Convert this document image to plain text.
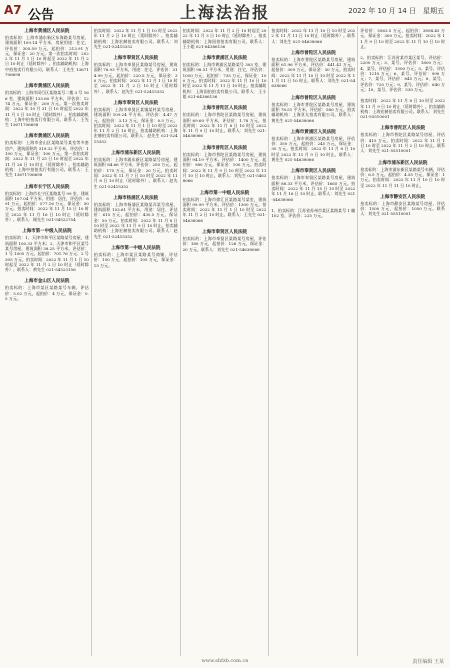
A7 公告	上海法治报	2022 年 10 月 14 日　星期五
上海市黄浦区人民法院
拍卖标的：上海市浦东新区东海路某号房屋，建筑面积 109.14 平方米，房屋用途：住宅，评估价：305.59 万元，起拍价：213.91 万元，保证金：20 万元。第一次拍卖时间：2022 年 11 月 1 日 10 时起至 2022 年 11 月 2 日 10 时止（延时除外）。拍卖辅助机构：上海中拍拍卖行有限公司。联系人：王先生 13671706698
上海市黄浦区人民法院
拍卖标的：上海市闵行区某路某号二楼 3 号 166 室，建筑面积 133.60 平方米，评估价：1274 万元，保证金：200 万元。第一次拍卖时间：2022 年 10 月 31 日 10 时起至 2022 年 11 月 1 日 10 时止（延时除外）。拍卖辅助机构：上海中拍拍卖行有限公司。联系人：王先生 13671706698
上海市黄浦区人民法院
拍卖标的：上海市金山区某路某号某室等多套房产，建筑面积约 319.32 平方米，评估价：1100 万元，保证金：100 万元。第一次拍卖时间：2022 年 11 月 25 日 10 时起至 2022 年 11 月 26 日 10 时止（延时除外）。拍卖辅助机构：上海中拍拍卖行有限公司。联系人：王先生 13671706698
上海市长宁区人民法院
拍卖标的：上海市长宁区某路某号 99 室，建筑面积 107.04 平方米，用途：居住，评估价：891 万元，起拍价：577.16 万元，保证金：50 万元。拍卖时间：2022 年 11 月 15 日 10 时至 2022 年 11 月 16 日 10 时止（延时除外）。联系人：顾先生 021-54522754
上海市第一中级人民法院
拍卖标的：1、天津市和平区某路某号房屋，建筑面积 100.33 平方米；2、天津市和平区某号某号房屋，建筑面积 38.25 平方米。评估价：1 号 1005 万元，起拍价：701.76 万元；2 号 305 万元。拍卖时间：2022 年 11 月 1 日 10 时起至 2022 年 11 月 2 日 10 时止（延时除外）。联系人：黄先生 021-54523156
上海市金山区人民法院
拍卖标的：上海市某区某路某号车辆，评估价：5.02 万元，起拍价：4 万元，保证金：0.5 万元。
拍卖时间：2022 年 11 月 1 日 10 时至 2022 年 11 月 2 日 10 时止（延时除外）。拍卖辅助机构：上海宏赫拍卖有限公司。联系人：刘先生 021-52415352
上海市奉贤区人民法院
拍卖标的：上海市奉贤区某路某号房屋，建筑面积 78.93 平方米，用途：住宅，评估价：314.99 万元，起拍价：220.5 万元，保证金：30 万元。拍卖时间：2022 年 11 月 1 日 10 时至 2022 年 11 月 2 日 10 时止（延时除外）。联系人：赵先生 021-52415352
上海市奉贤区人民法院
拍卖标的：上海市奉贤区某镇某村某号房屋，建筑面积 109.24 平方米，评估价：4.47 万元，起拍价：3.13 万元，保证金：0.5 万元。拍卖时间：2022 年 11 月 1 日 10 时至 2022 年 11 月 2 日 10 时止。拍卖辅助机构：上海宏赫拍卖有限公司。联系人：赵先生 021-52415352
上海市浦东新区人民法院
拍卖标的：上海市浦东新区某路某号房屋，建筑面积 84.66 平方米，评估价：250 万元，起拍价：175 万元，保证金：20 万元。拍卖时间：2022 年 11 月 7 日 10 时至 2022 年 11 月 8 日 10 时止（延时除外）。联系人：赵先生 021-52415352
上海市杨浦区人民法院
拍卖标的：上海市杨浦区某路某弄某号房屋，建筑面积 103.61 平方米，用途：居住，评估价：615 万元，起拍价：430.5 万元，保证金：50 万元。拍卖时间：2022 年 11 月 8 日 10 时至 2022 年 11 月 9 日 10 时止。拍卖辅助机构：上海宏赫拍卖有限公司。联系人：赵先生 021-52415352
上海市第一中级人民法院
拍卖标的：上海市某区某路某号商铺，评估价：150 万元，起拍价：105 万元，保证金：15 万元。
拍卖时间：2022 年 11 月 2 日 10 时起至 2022 年 11 月 3 日 10 时止（延时除外）。拍卖辅助机构：上海国拍拍卖有限公司。联系人：王小姐 021-64386136
上海市黄浦区人民法院
拍卖标的：上海市黄浦区某路某号 303 室，建筑面积 98.51 平方米，用途：住宅，评估价：1050 万元，起拍价：735 万元，保证金：100 万元。拍卖时间：2022 年 11 月 10 日 10 时至 2022 年 11 月 11 日 10 时止。拍卖辅助机构：上海国拍拍卖有限公司。联系人：王小姐 021-64386136
上海市普陀区人民法院
拍卖标的：上海市普陀区某路某号房屋，建筑面积 69.60 平方米，评估价：1.78 万元。拍卖时间：2022 年 11 月 8 日 10 时至 2022 年 11 月 9 日 10 时止。联系人：刘先生 021-54638066
上海市普陀区人民法院
拍卖标的：上海市普陀区某路某号房屋，建筑面积 94.19 平方米，评估价：1400 万元，起拍价：980 万元，保证金：100 万元。拍卖时间：2022 年 11 月 9 日 10 时至 2022 年 11 月 10 日 10 时止。联系人：刘先生 021-54638066
上海市第一中级人民法院
拍卖标的：上海市徐汇区某路某号某室，建筑面积 99.99 平方米，评估价：1300 万元。拍卖时间：2022 年 11 月 1 日 10 时至 2022 年 11 月 2 日 10 时止。联系人：王先生 021-54638066
上海市奉贤区人民法院
拍卖标的：上海市奉贤区某路某号房屋，评估价：180 万元，起拍价：126 万元，保证金：20 万元。联系人：刘先生 021-54638066
拍卖时间：2022 年 11 月 10 日 10 时至 2022 年 11 月 11 日 10 时止（延时除外）。联系人：刘先生 021-54638066
上海市普陀区人民法院
拍卖标的：上海市普陀区某路某号房屋，建筑面积 61.96 平方米，评估价：441.41 万元，起拍价：309 万元，保证金：30 万元。拍卖时间：2022 年 11 月 10 日 10 时至 2022 年 11 月 11 日 10 时止。联系人：刘先生 021-54638066
上海市普陀区人民法院
拍卖标的：上海市普陀区某路某号房屋，建筑面积 78.51 平方米，评估价：580 万元。拍卖辅助机构：上海亚太拍卖有限公司。联系人：黄先生 021-54638066
上海市黄浦区人民法院
拍卖标的：上海市黄浦区某路某号房屋，评估价：350 万元，起拍价：245 万元，保证金：30 万元。拍卖时间：2022 年 11 月 8 日 10 时至 2022 年 11 月 9 日 10 时止。联系人：黄先生 021-54638066
上海市奉贤区人民法院
拍卖标的：上海市奉贤区某路某号房屋，建筑面积 88.33 平方米，评估价：1665 万元。拍卖时间：2022 年 11 月 15 日 10 时至 2022 年 11 月 16 日 10 时止。联系人：刘先生 021-54638066
1、拍卖标的：江苏省苏州市某区某路某号 1 幢 102 室，评估价：225 万元。
评估价：5563.5 万元，起拍价：3894.45 万元，保证金：300 万元。拍卖时间：2022 年 11 月 9 日 10 时至 2022 年 11 月 10 日 10 时止。
2、拍卖标的：江苏省某市某区某号，评估价：2200 万元；3、某号，评估价：1800 万元；4、某号，评估价：1500 万元；5、某号，评估价：1210 万元；6、某号，评估价：990 万元；7、某号，评估价：845 万元；8、某号，评估价：720 万元；9、某号，评估价：640 万元；10、某号，评估价：530 万元。
拍卖时间：2022 年 11 月 8 日 10 时至 2022 年 11 月 9 日 10 时止（延时除外）。拍卖辅助机构：上海宏赫拍卖有限公司。联系人：刘先生 021-55510001
上海市普陀区人民法院
拍卖标的：上海市普陀区某路某号房屋，评估价：415 万元。拍卖时间：2022 年 11 月 1 日 10 时至 2022 年 11 月 2 日 10 时止。联系人：刘先生 021-55510001
上海市浦东新区人民法院
拍卖标的：上海市浦东新区某路某号车辆，评估价：6.5 万元，起拍价：4.55 万元，保证金：1 万元。拍卖时间：2022 年 11 月 10 日 10 时至 2022 年 11 月 11 日 10 时止。
上海市静安区人民法院
拍卖标的：上海市静安区某路某号房屋，评估价：1500 万元，起拍价：1050 万元。联系人：刘先生 021-55510001
www.shfzb.com.cn	责任编辑 王某
